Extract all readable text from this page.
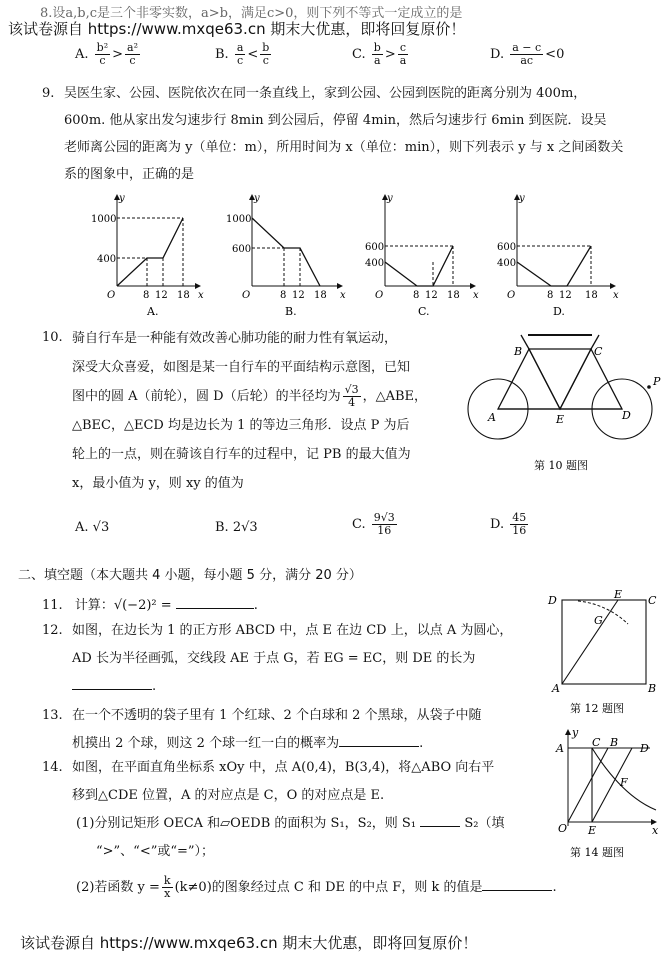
8.设a,b,c是三个非零实数，a>b，满足c>0，则下列不等式一定成立的是
该试卷源自 https://www.mxqe63.cn 期末大优惠，即将回复原价！
A. $\frac{\text{b²}}{c} > \frac{\text{a²}}{c}$	B. $\frac{a}{c} < \frac{b}{c}$	C. $\frac{b}{a} > \frac{c}{a}$	D. $\frac{a - c}{ac} <0$
9. 吴医生家、公园、医院依次在同一条直线上，家到公园、公园到医院的距离分别为 400m，
600m. 他从家出发匀速步行 8min 到公园后，停留 4min，然后匀速步行 6min 到医院．设吴
老师离公园的距离为 y（单位：m），所用时间为 x（单位：min），则下列表示 y 与 x 之间函数关
系的图象中，正确的是
y
x
O
1000
400
8 12 18
A.
y
x
O
1000
600
8 12 18
B.
y
x
O
600
400
8 12 18
C.
y
x
O
600
400
8 12 18
D.
10. 骑自行车是一种能有效改善心肺功能的耐力性有氧运动，
深受大众喜爱，如图是某一自行车的平面结构示意图，已知
图中的圆 A（前轮），圆 D（后轮）的半径均为 $\frac{√3}{4}$ ，△ABE，
△BEC，△ECD 均是边长为 1 的等边三角形．设点 P 为后
轮上的一点，则在骑该自行车的过程中，记 PB 的最大值为
x，最小值为 y，则 xy 的值为
B	C
A	E	D
P
第 10 题图
A. √3	B. 2√3	C. $\frac{9√3}{16}$	D. $\frac{45}{16}$
二、填空题（本大题共 4 小题，每小题 5 分，满分 20 分）
11. 计算：√(−2)² =	.
12. 如图，在边长为 1 的正方形 ABCD 中，点 E 在边 CD 上，以点 A 为圆心，
AD 长为半径画弧，交线段 AE 于点 G，若 EG = EC，则 DE 的长为
.
D	E C
G
A	B
第 12 题图
13. 在一个不透明的袋子里有 1 个红球、2 个白球和 2 个黑球，从袋子中随
机摸出 2 个球，则这 2 个球一红一白的概率为	.
14. 如图，在平面直角坐标系 xOy 中，点 A(0,4)，B(3,4)，将△ABO 向右平
移到△CDE 位置，A 的对应点是 C，O 的对应点是 E.
(1)分别记矩形 OECA 和▱OEDB 的面积为 S₁，S₂，则 S₁	S₂（填
“>”、“<”或“=”）；
(2)若函数 $y = \frac{k}{x} (k\ne 0)$的图象经过点 C 和 DE 的中点 F，则 k 的值是	.
y
A	C B D
F
O E	x
第 14 题图
该试卷源自 https://www.mxqe63.cn 期末大优惠，即将回复原价！
